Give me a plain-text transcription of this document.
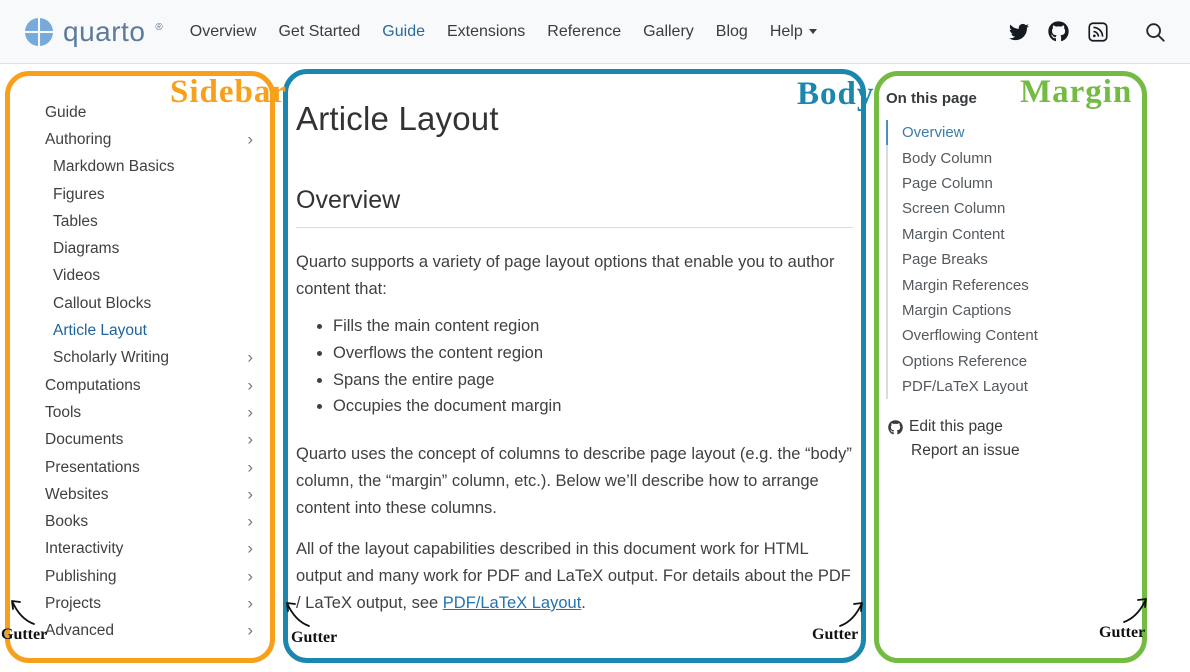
quarto ®	Overview	Get Started	Guide	Extensions	Reference	Gallery	Blog	Help
Guide
Authoring	›
Markdown Basics
Figures
Tables
Diagrams
Videos
Callout Blocks
Article Layout
Scholarly Writing	›
Computations	›
Tools	›
Documents	›
Presentations	›
Websites	›
Books	›
Interactivity	›
Publishing	›
Projects	›
Advanced	›
Article Layout
Overview

Quarto supports a variety of page layout options that enable you to author content that:

• Fills the main content region
• Overflows the content region
• Spans the entire page
• Occupies the document margin

Quarto uses the concept of columns to describe page layout (e.g. the “body” column, the “margin” column, etc.). Below we’ll describe how to arrange content into these columns.

All of the layout capabilities described in this document work for HTML output and many work for PDF and LaTeX output. For details about the PDF / LaTeX output, see PDF/LaTeX Layout.

On this page
Overview
Body Column
Page Column
Screen Column
Margin Content
Page Breaks
Margin References
Margin Captions
Overflowing Content
Options Reference
PDF/LaTeX Layout
Edit this page
Report an issue
Sidebar	Body	Margin
Gutter	Gutter	Gutter	Gutter
